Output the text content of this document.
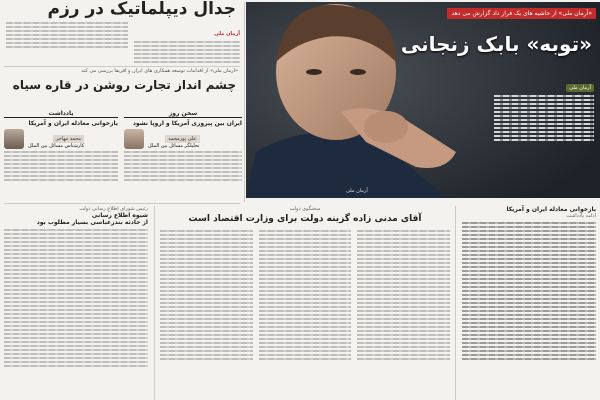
جدال دیپلماتیک در رزم
آرمان ملی
«آرمان ملی» از اقدامات توسعه همکاری های ایران و آفریقا بررسی می کند
چشم انداز تجارت روشن در قاره سیاه
سخن روز
ایران بین پیروزی آمریکا و اروپا نشود
علی پورمحمد
تحلیلگر مسائل بین الملل
یادداشت
بازخوانی معادله ایران و آمریکا
محمد مهاجر
کارشناس مسائل بین الملل
رئیس شورای اطلاع رسانی دولت
شیوه اطلاع رسانی
از حادثه بندرعباسی بسیار مطلوب بود
«آرمان ملی» از حاشیه های یک فرار داد گزارش می دهد
«توبه» بابک زنجانی
آرمان ملی
آرمان ملی
سخنگوی دولت
آقای مدنی زاده گزینه دولت برای وزارت اقتصاد است
بازخوانی معادله ایران و آمریکا
ادامه یادداشت
